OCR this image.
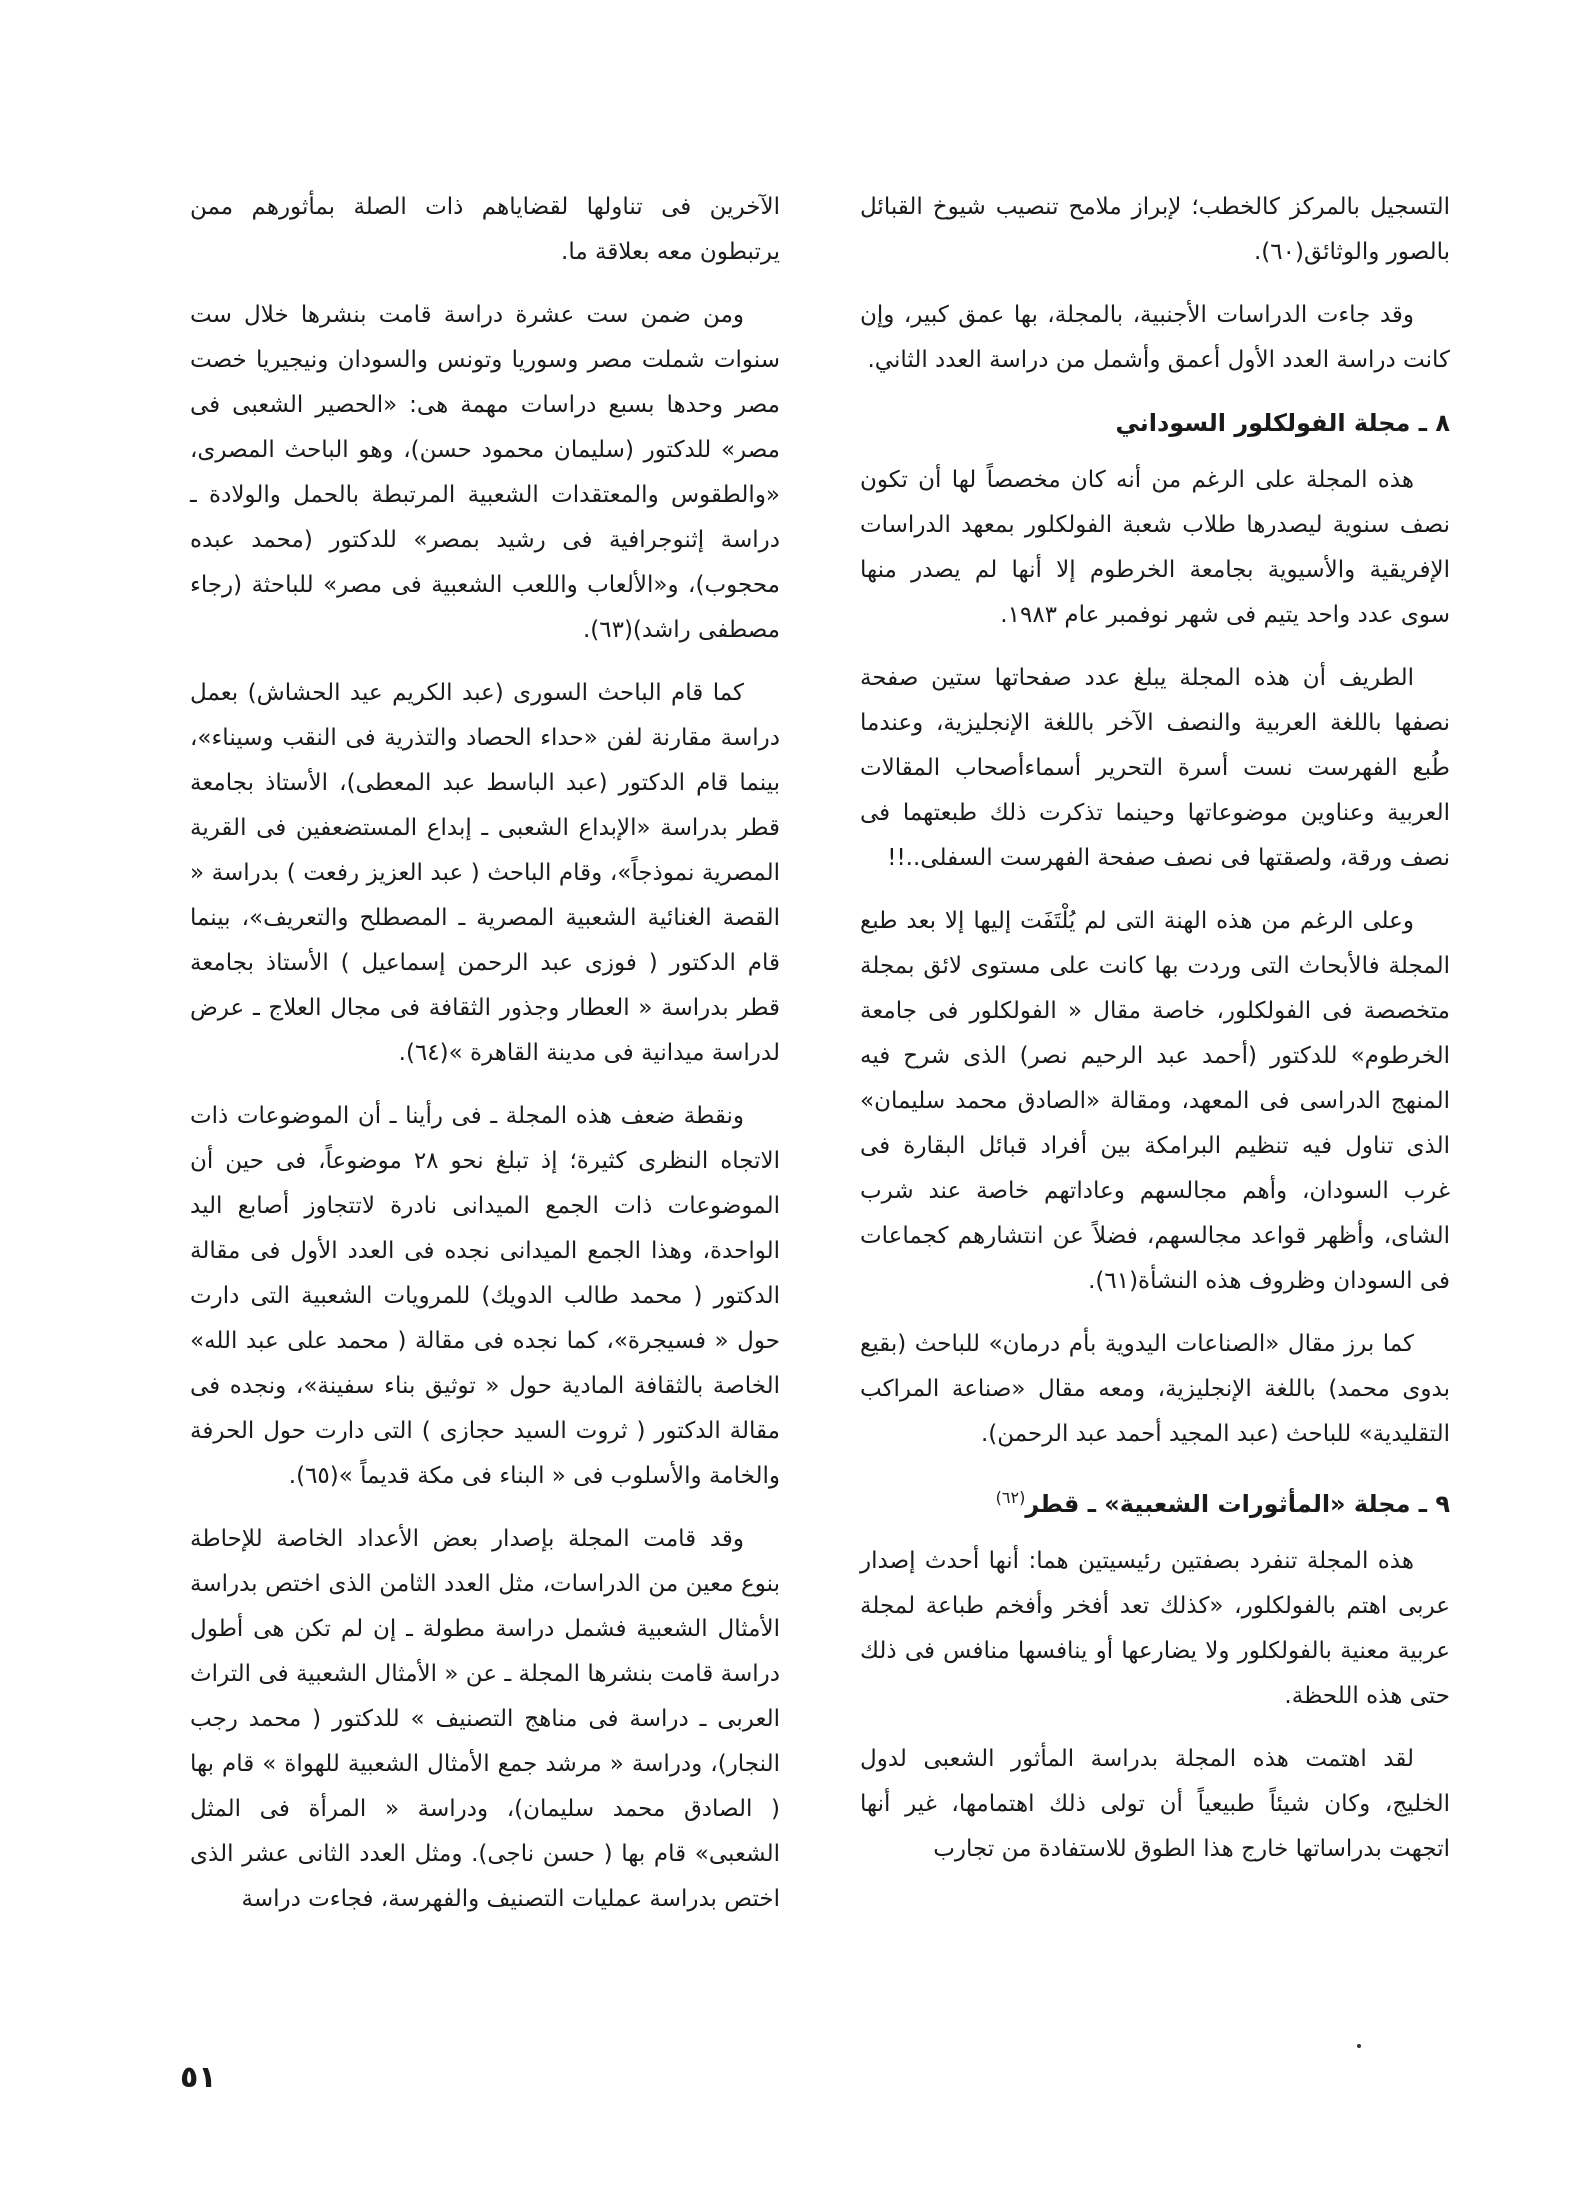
التسجيل بالمركز كالخطب؛ لإبراز ملامح تنصيب شيوخ القبائل بالصور والوثائق(٦٠).

وقد جاءت الدراسات الأجنبية، بالمجلة، بها عمق كبير، وإن كانت دراسة العدد الأول أعمق وأشمل من دراسة العدد الثاني.

٨ ـ مجلة الفولكلور السوداني

هذه المجلة على الرغم من أنه كان مخصصاً لها أن تكون نصف سنوية ليصدرها طلاب شعبة الفولكلور بمعهد الدراسات الإفريقية والأسيوية بجامعة الخرطوم إلا أنها لم يصدر منها سوى عدد واحد يتيم فى شهر نوفمبر عام ١٩٨٣.

الطريف أن هذه المجلة يبلغ عدد صفحاتها ستين صفحة نصفها باللغة العربية والنصف الآخر باللغة الإنجليزية، وعندما طُبع الفهرست نست أسرة التحرير أسماءأصحاب المقالات العربية وعناوين موضوعاتها وحينما تذكرت ذلك طبعتهما فى نصف ورقة، ولصقتها فى نصف صفحة الفهرست السفلى..!!

وعلى الرغم من هذه الهنة التى لم يُلْتَفَت إليها إلا بعد طبع المجلة فالأبحاث التى وردت بها كانت على مستوى لائق بمجلة متخصصة فى الفولكلور، خاصة مقال « الفولكلور فى جامعة الخرطوم» للدكتور (أحمد عبد الرحيم نصر) الذى شرح فيه المنهج الدراسى فى المعهد، ومقالة «الصادق محمد سليمان» الذى تناول فيه تنظيم البرامكة بين أفراد قبائل البقارة فى غرب السودان، وأهم مجالسهم وعاداتهم خاصة عند شرب الشاى، وأظهر قواعد مجالسهم، فضلاً عن انتشارهم كجماعات فى السودان وظروف هذه النشأة(٦١).

كما برز مقال «الصناعات اليدوية بأم درمان» للباحث (بقيع بدوى محمد) باللغة الإنجليزية، ومعه مقال «صناعة المراكب التقليدية» للباحث (عبد المجيد أحمد عبد الرحمن).

٩ ـ مجلة «المأثورات الشعبية» ـ قطر$^{(٦٢)}$

هذه المجلة تنفرد بصفتين رئيسيتين هما: أنها أحدث إصدار عربى اهتم بالفولكلور، «كذلك تعد أفخر وأفخم طباعة لمجلة عربية معنية بالفولكلور ولا يضارعها أو ينافسها منافس فى ذلك حتى هذه اللحظة.

لقد اهتمت هذه المجلة بدراسة المأثور الشعبى لدول الخليج، وكان شيئاً طبيعياً أن تولى ذلك اهتمامها، غير أنها اتجهت بدراساتها خارج هذا الطوق للاستفادة من تجارب

الآخرين فى تناولها لقضاياهم ذات الصلة بمأثورهم ممن يرتبطون معه بعلاقة ما.

ومن ضمن ست عشرة دراسة قامت بنشرها خلال ست سنوات شملت مصر وسوريا وتونس والسودان ونيجيريا خصت مصر وحدها بسبع دراسات مهمة هى: «الحصير الشعبى فى مصر» للدكتور (سليمان محمود حسن)، وهو الباحث المصرى، «والطقوس والمعتقدات الشعبية المرتبطة بالحمل والولادة ـ دراسة إثنوجرافية فى رشيد بمصر» للدكتور (محمد عبده محجوب)، و«الألعاب واللعب الشعبية فى مصر» للباحثة (رجاء مصطفى راشد)(٦٣).

كما قام الباحث السورى (عبد الكريم عيد الحشاش) بعمل دراسة مقارنة لفن «حداء الحصاد والتذرية فى النقب وسيناء»، بينما قام الدكتور (عبد الباسط عبد المعطى)، الأستاذ بجامعة قطر بدراسة «الإبداع الشعبى ـ إبداع المستضعفين فى القرية المصرية نموذجاً»، وقام الباحث ( عبد العزيز رفعت ) بدراسة « القصة الغنائية الشعبية المصرية ـ المصطلح والتعريف»، بينما قام الدكتور ( فوزى عبد الرحمن إسماعيل ) الأستاذ بجامعة قطر بدراسة « العطار وجذور الثقافة فى مجال العلاج ـ عرض لدراسة ميدانية فى مدينة القاهرة »(٦٤).

ونقطة ضعف هذه المجلة ـ فى رأينا ـ أن الموضوعات ذات الاتجاه النظرى كثيرة؛ إذ تبلغ نحو ٢٨ موضوعاً، فى حين أن الموضوعات ذات الجمع الميدانى نادرة لاتتجاوز أصابع اليد الواحدة، وهذا الجمع الميدانى نجده فى العدد الأول فى مقالة الدكتور ( محمد طالب الدويك) للمرويات الشعبية التى دارت حول « فسيجرة»، كما نجده فى مقالة ( محمد على عبد الله» الخاصة بالثقافة المادية حول « توثيق بناء سفينة»، ونجده فى مقالة الدكتور ( ثروت السيد حجازى ) التى دارت حول الحرفة والخامة والأسلوب فى « البناء فى مكة قديماً »(٦٥).

وقد قامت المجلة بإصدار بعض الأعداد الخاصة للإحاطة بنوع معين من الدراسات، مثل العدد الثامن الذى اختص بدراسة الأمثال الشعبية فشمل دراسة مطولة ـ إن لم تكن هى أطول دراسة قامت بنشرها المجلة ـ عن « الأمثال الشعبية فى التراث العربى ـ دراسة فى مناهج التصنيف » للدكتور ( محمد رجب النجار)، ودراسة « مرشد جمع الأمثال الشعبية للهواة » قام بها ( الصادق محمد سليمان)، ودراسة « المرأة فى المثل الشعبى» قام بها ( حسن ناجى). ومثل العدد الثانى عشر الذى اختص بدراسة عمليات التصنيف والفهرسة، فجاءت دراسة

٥١
